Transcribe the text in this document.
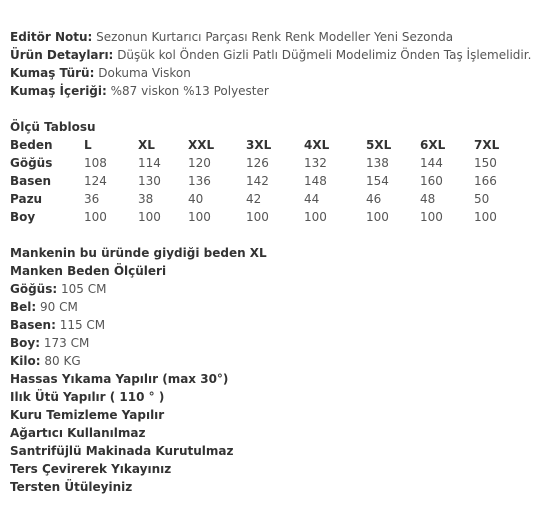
Editör Notu: Sezonun Kurtarıcı Parçası Renk Renk Modeller Yeni Sezonda
Ürün Detayları: Düşük kol Önden Gizli Patlı Düğmeli Modelimiz Önden Taş İşlemelidir.
Kumaş Türü: Dokuma Viskon
Kumaş İçeriği: %87 viskon %13 Polyester
Ölçü Tablosu
Beden	L	XL	XXL	3XL	4XL	5XL 6XL 7XL
Göğüs	108	114 120	126	132	138	144	150
Basen	124	130 136	142	148	154	160	166
Pazu	36	38	40	42	44	46	48	50
Boy	100	100 100	100	100	100	100	100
Mankenin bu üründe giydiği beden XL
Manken Beden Ölçüleri
Göğüs: 105 CM
Bel: 90 CM
Basen: 115 CM
Boy: 173 CM
Kilo: 80 KG
Hassas Yıkama Yapılır (max 30°)
Ilık Ütü Yapılır ( 110 ° )
Kuru Temizleme Yapılır
Ağartıcı Kullanılmaz
Santrifüjlü Makinada Kurutulmaz
Ters Çevirerek Yıkayınız
Tersten Ütüleyiniz
